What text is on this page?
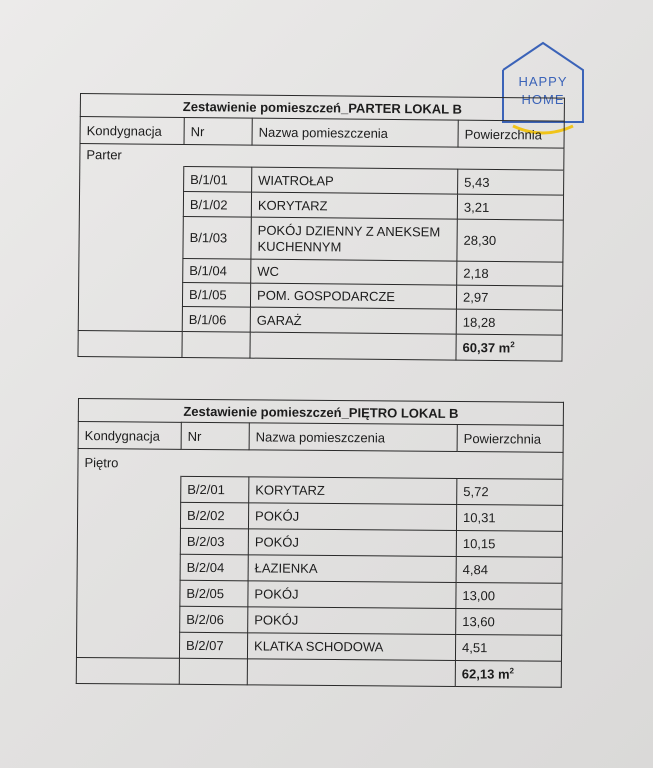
HAPPY
HOME
Zestawienie pomieszczeń_PARTER LOKAL B			
Kondygnacja	Nr	Nazwa pomieszczenia	Powierzchnia
Parter			
	B/1/01	WIATROŁAP	5,43
	B/1/02	KORYTARZ	3,21
	B/1/03	POKÓJ DZIENNY Z ANEKSEM KUCHENNYM	28,30
	B/1/04	WC	2,18
	B/1/05	POM. GOSPODARCZE	2,97
	B/1/06	GARAŻ	18,28
			60,37 $m^2$
Zestawienie pomieszczeń_PIĘTRO LOKAL B			
Kondygnacja	Nr	Nazwa pomieszczenia	Powierzchnia
Piętro			
	B/2/01	KORYTARZ	5,72
	B/2/02	POKÓJ	10,31
	B/2/03	POKÓJ	10,15
	B/2/04	ŁAZIENKA	4,84
	B/2/05	POKÓJ	13,00
	B/2/06	POKÓJ	13,60
	B/2/07	KLATKA SCHODOWA	4,51
			62,13 $m^2$
